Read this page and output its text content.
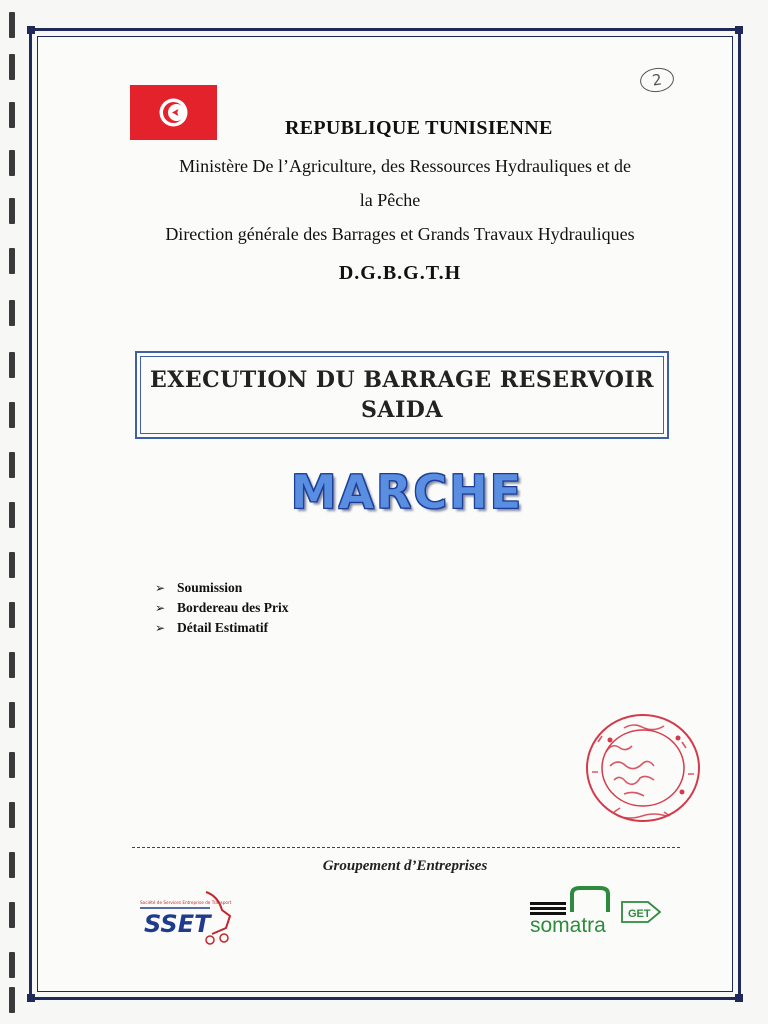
2
REPUBLIQUE TUNISIENNE
Ministère De l’Agriculture, des Ressources Hydrauliques et de
la Pêche
Direction générale des Barrages et Grands Travaux Hydrauliques
D.G.B.G.T.H
EXECUTION DU BARRAGE RESERVOIR
SAIDA
MARCHE
➢ Soumission
➢ Bordereau des Prix
➢ Détail Estimatif
Groupement d’Entreprises
Société de Services Entreprise de Transport
SSET	somatra GET
